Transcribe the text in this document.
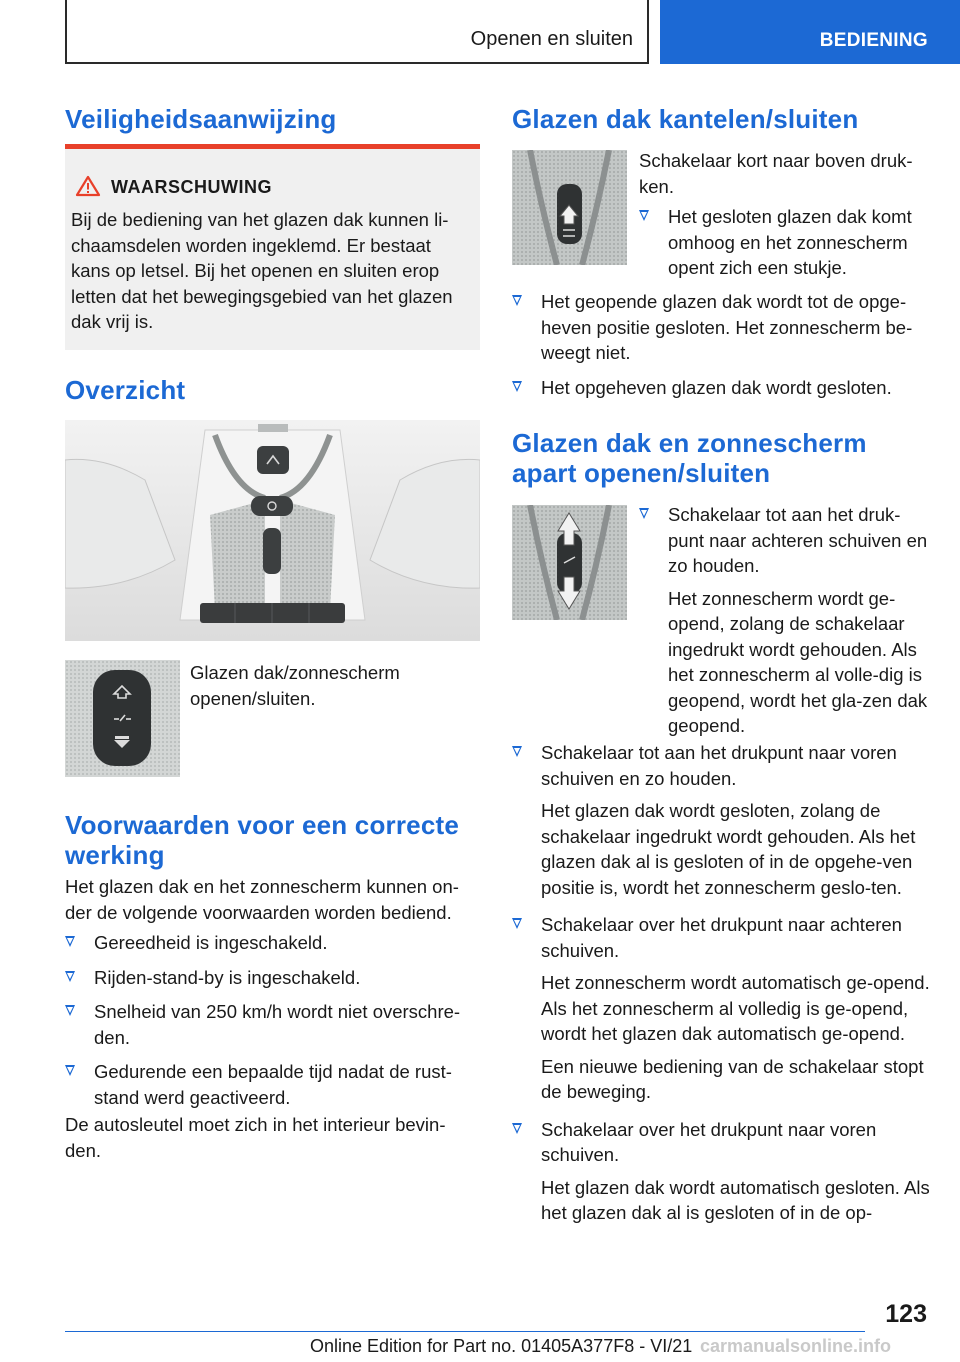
Openen en sluiten	BEDIENING
Veiligheidsaanwijzing
WAARSCHUWING

Bij de bediening van het glazen dak kunnen li-chaamsdelen worden ingeklemd. Er bestaat kans op letsel. Bij het openen en sluiten erop letten dat het bewegingsgebied van het glazen dak vrij is.

Overzicht

Glazen dak/zonnescherm openen/sluiten.

Voorwaarden voor een correcte
werking

Het glazen dak en het zonnescherm kunnen on-der de volgende voorwaarden worden bediend.

Gereedheid is ingeschakeld.
Rijden-stand-by is ingeschakeld.
Snelheid van 250 km/h wordt niet overschre-den.
Gedurende een bepaalde tijd nadat de rust-stand werd geactiveerd.

De autosleutel moet zich in het interieur bevin-den.

Glazen dak kantelen/sluiten

Schakelaar kort naar boven druk-ken.

Het gesloten glazen dak komt omhoog en het zonnescherm opent zich een stukje.
Het geopende glazen dak wordt tot de opge-heven positie gesloten. Het zonnescherm be-weegt niet.
Het opgeheven glazen dak wordt gesloten.
Glazen dak en zonnescherm
apart openen/sluiten
Schakelaar tot aan het druk-punt naar achteren schuiven en zo houden.

Het zonnescherm wordt ge-opend, zolang de schakelaar ingedrukt wordt gehouden. Als het zonnescherm al volle-dig is geopend, wordt het gla-zen dak geopend.

Schakelaar tot aan het drukpunt naar voren schuiven en zo houden.

Het glazen dak wordt gesloten, zolang de schakelaar ingedrukt wordt gehouden. Als het glazen dak al is gesloten of in de opgehe-ven positie is, wordt het zonnescherm geslo-ten.

Schakelaar over het drukpunt naar achteren schuiven.

Het zonnescherm wordt automatisch ge-opend. Als het zonnescherm al volledig is ge-opend, wordt het glazen dak automatisch ge-opend.

Een nieuwe bediening van de schakelaar stopt de beweging.

Schakelaar over het drukpunt naar voren schuiven.

Het glazen dak wordt automatisch gesloten. Als het glazen dak al is gesloten of in de op-

123
Online Edition for Part no. 01405A377F8 - VI/21 carmanualsonline.info
